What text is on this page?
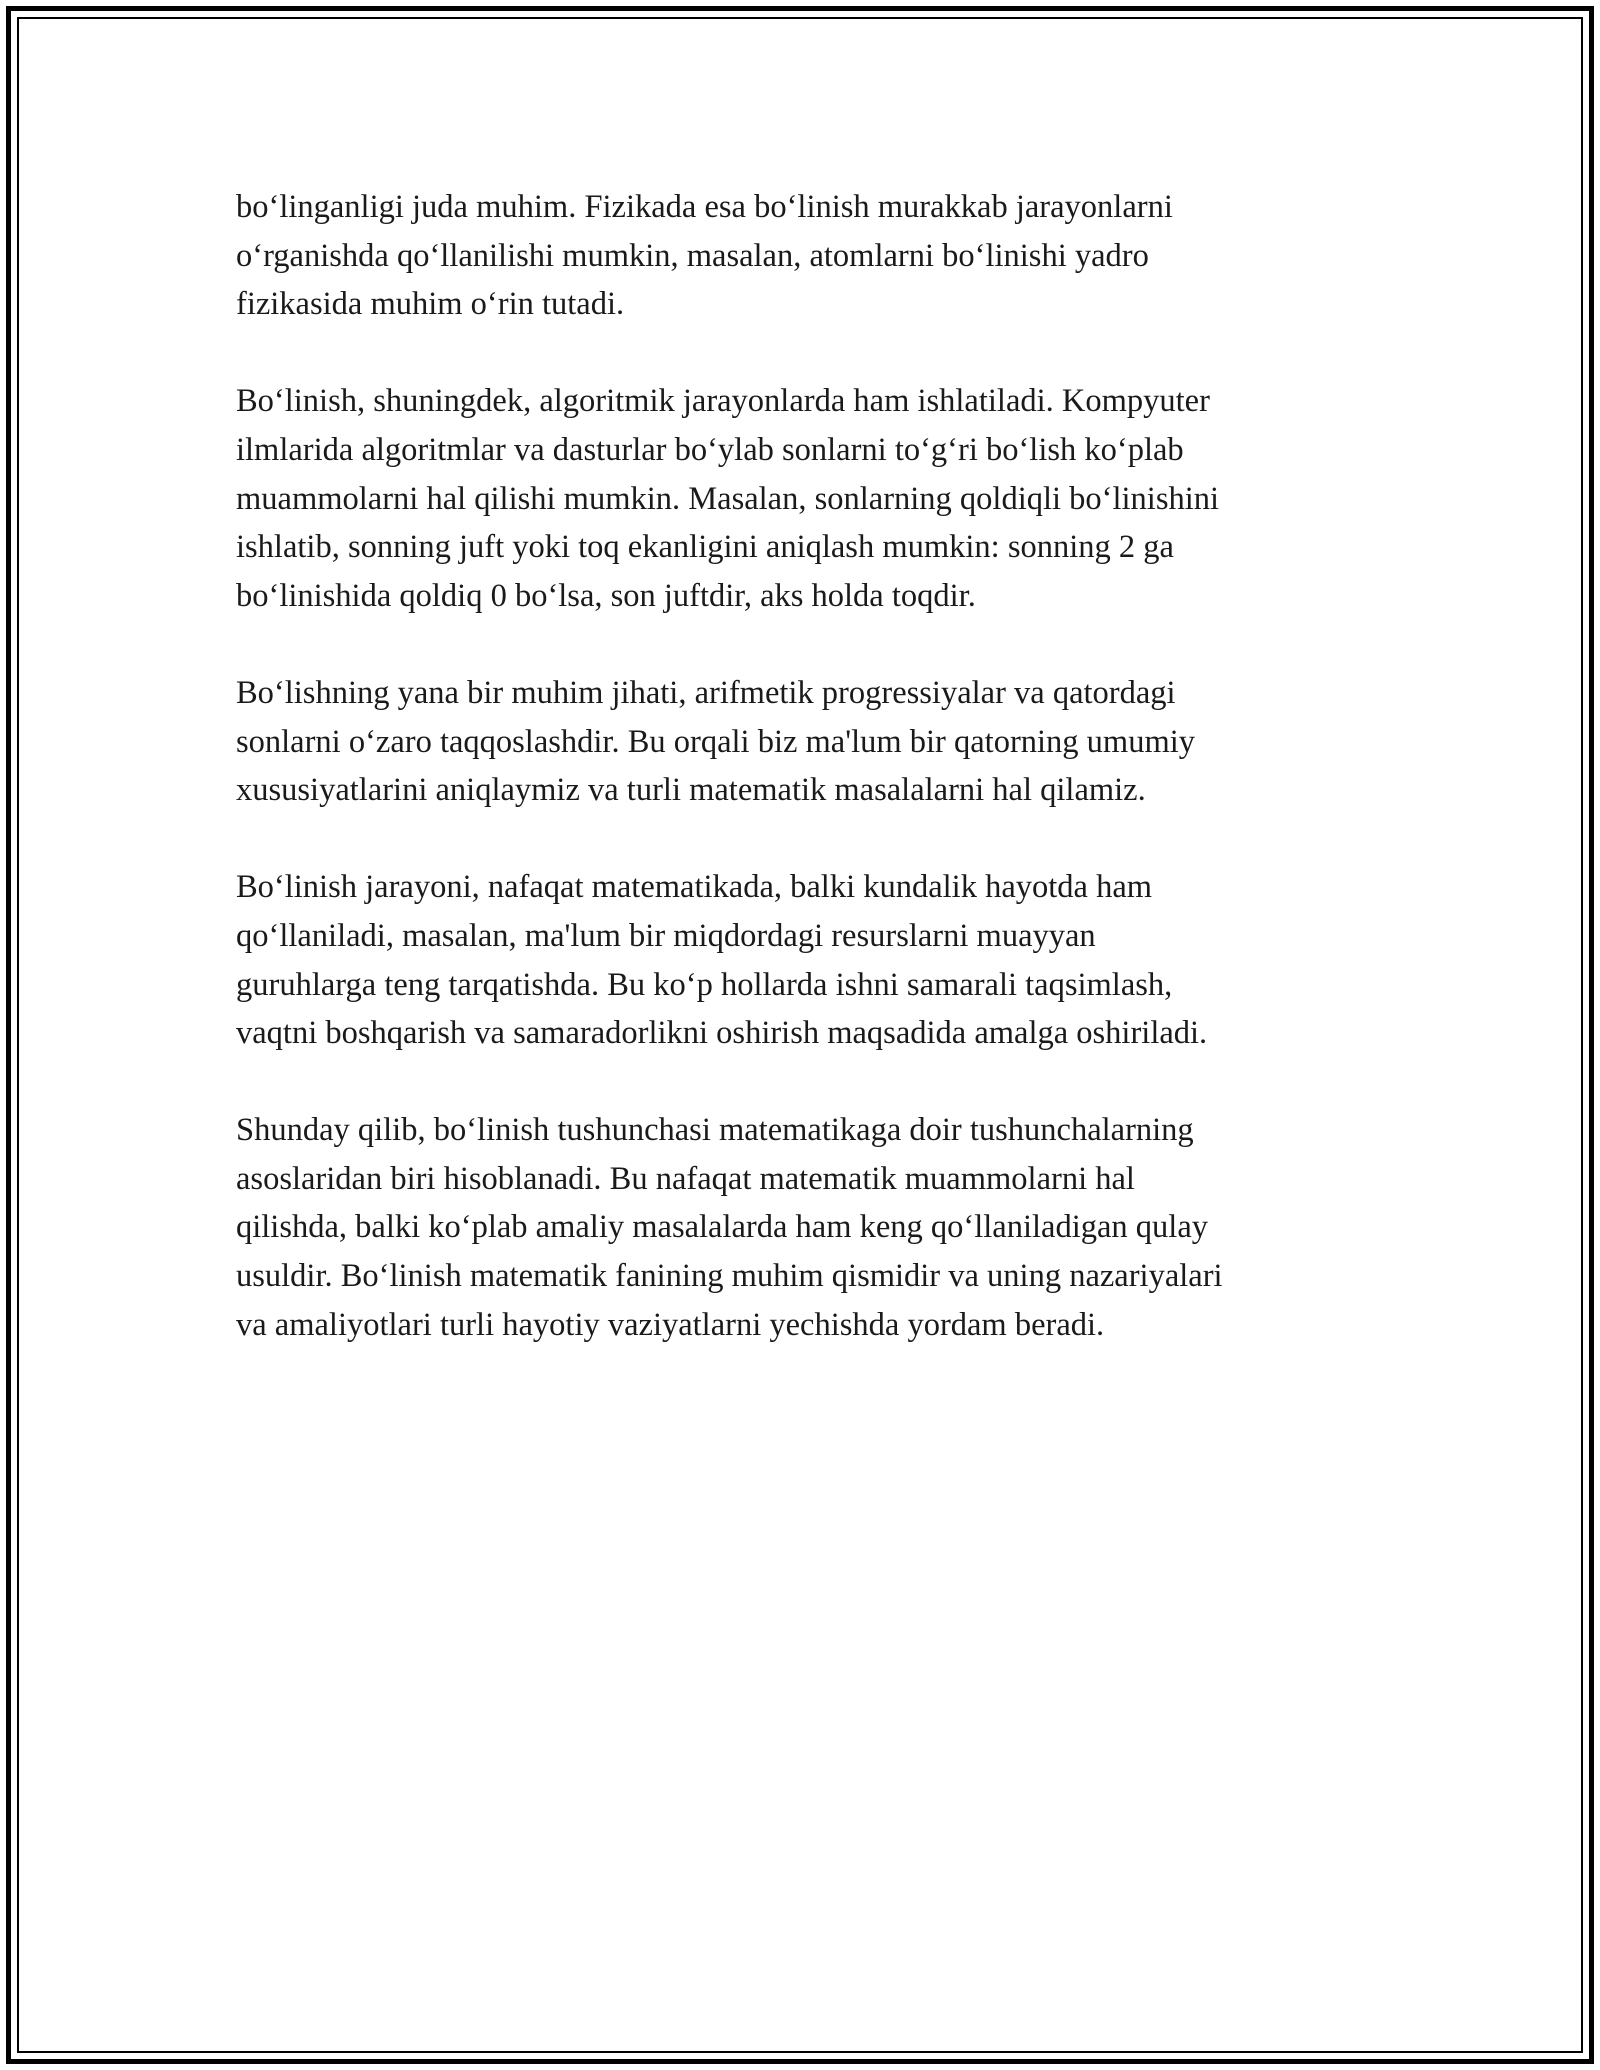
bo‘linganligi juda muhim. Fizikada esa bo‘linish murakkab jarayonlarni
o‘rganishda qo‘llanilishi mumkin, masalan, atomlarni bo‘linishi yadro
fizikasida muhim o‘rin tutadi.

Bo‘linish, shuningdek, algoritmik jarayonlarda ham ishlatiladi. Kompyuter
ilmlarida algoritmlar va dasturlar bo‘ylab sonlarni to‘g‘ri bo‘lish ko‘plab
muammolarni hal qilishi mumkin. Masalan, sonlarning qoldiqli bo‘linishini
ishlatib, sonning juft yoki toq ekanligini aniqlash mumkin: sonning 2 ga
bo‘linishida qoldiq 0 bo‘lsa, son juftdir, aks holda toqdir.

Bo‘lishning yana bir muhim jihati, arifmetik progressiyalar va qatordagi
sonlarni o‘zaro taqqoslashdir. Bu orqali biz ma'lum bir qatorning umumiy
xususiyatlarini aniqlaymiz va turli matematik masalalarni hal qilamiz.

Bo‘linish jarayoni, nafaqat matematikada, balki kundalik hayotda ham
qo‘llaniladi, masalan, ma'lum bir miqdordagi resurslarni muayyan
guruhlarga teng tarqatishda. Bu ko‘p hollarda ishni samarali taqsimlash,
vaqtni boshqarish va samaradorlikni oshirish maqsadida amalga oshiriladi.

Shunday qilib, bo‘linish tushunchasi matematikaga doir tushunchalarning
asoslaridan biri hisoblanadi. Bu nafaqat matematik muammolarni hal
qilishda, balki ko‘plab amaliy masalalarda ham keng qo‘llaniladigan qulay
usuldir. Bo‘linish matematik fanining muhim qismidir va uning nazariyalari
va amaliyotlari turli hayotiy vaziyatlarni yechishda yordam beradi.
